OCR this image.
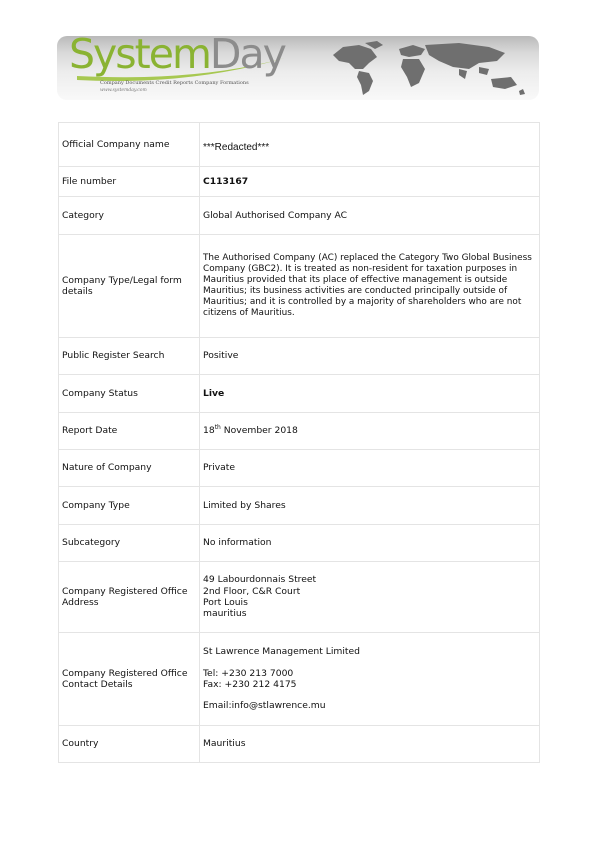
SystemDay
Company Documents Credit Reports Company Formations
www.systemday.com
Official Company name	***Redacted***
File number	C113167
Category	Global Authorised Company AC
Company Type/Legal form details	The Authorised Company (AC) replaced the Category Two Global Business Company (GBC2). It is treated as non-resident for taxation purposes in Mauritius provided that its place of effective management is outside Mauritius; its business activities are conducted principally outside of Mauritius; and it is controlled by a majority of shareholders who are not citizens of Mauritius.
Public Register Search	Positive
Company Status	Live
Report Date	18th November 2018
Nature of Company	Private
Company Type	Limited by Shares
Subcategory	No information
Company Registered Office Address	49 Labourdonnais Street
2nd Floor, C&R Court
Port Louis
mauritius
Company Registered Office Contact Details	St Lawrence Management Limited
Tel: +230 213 7000
Fax: +230 212 4175
Email:info@stlawrence.mu

Country	Mauritius
